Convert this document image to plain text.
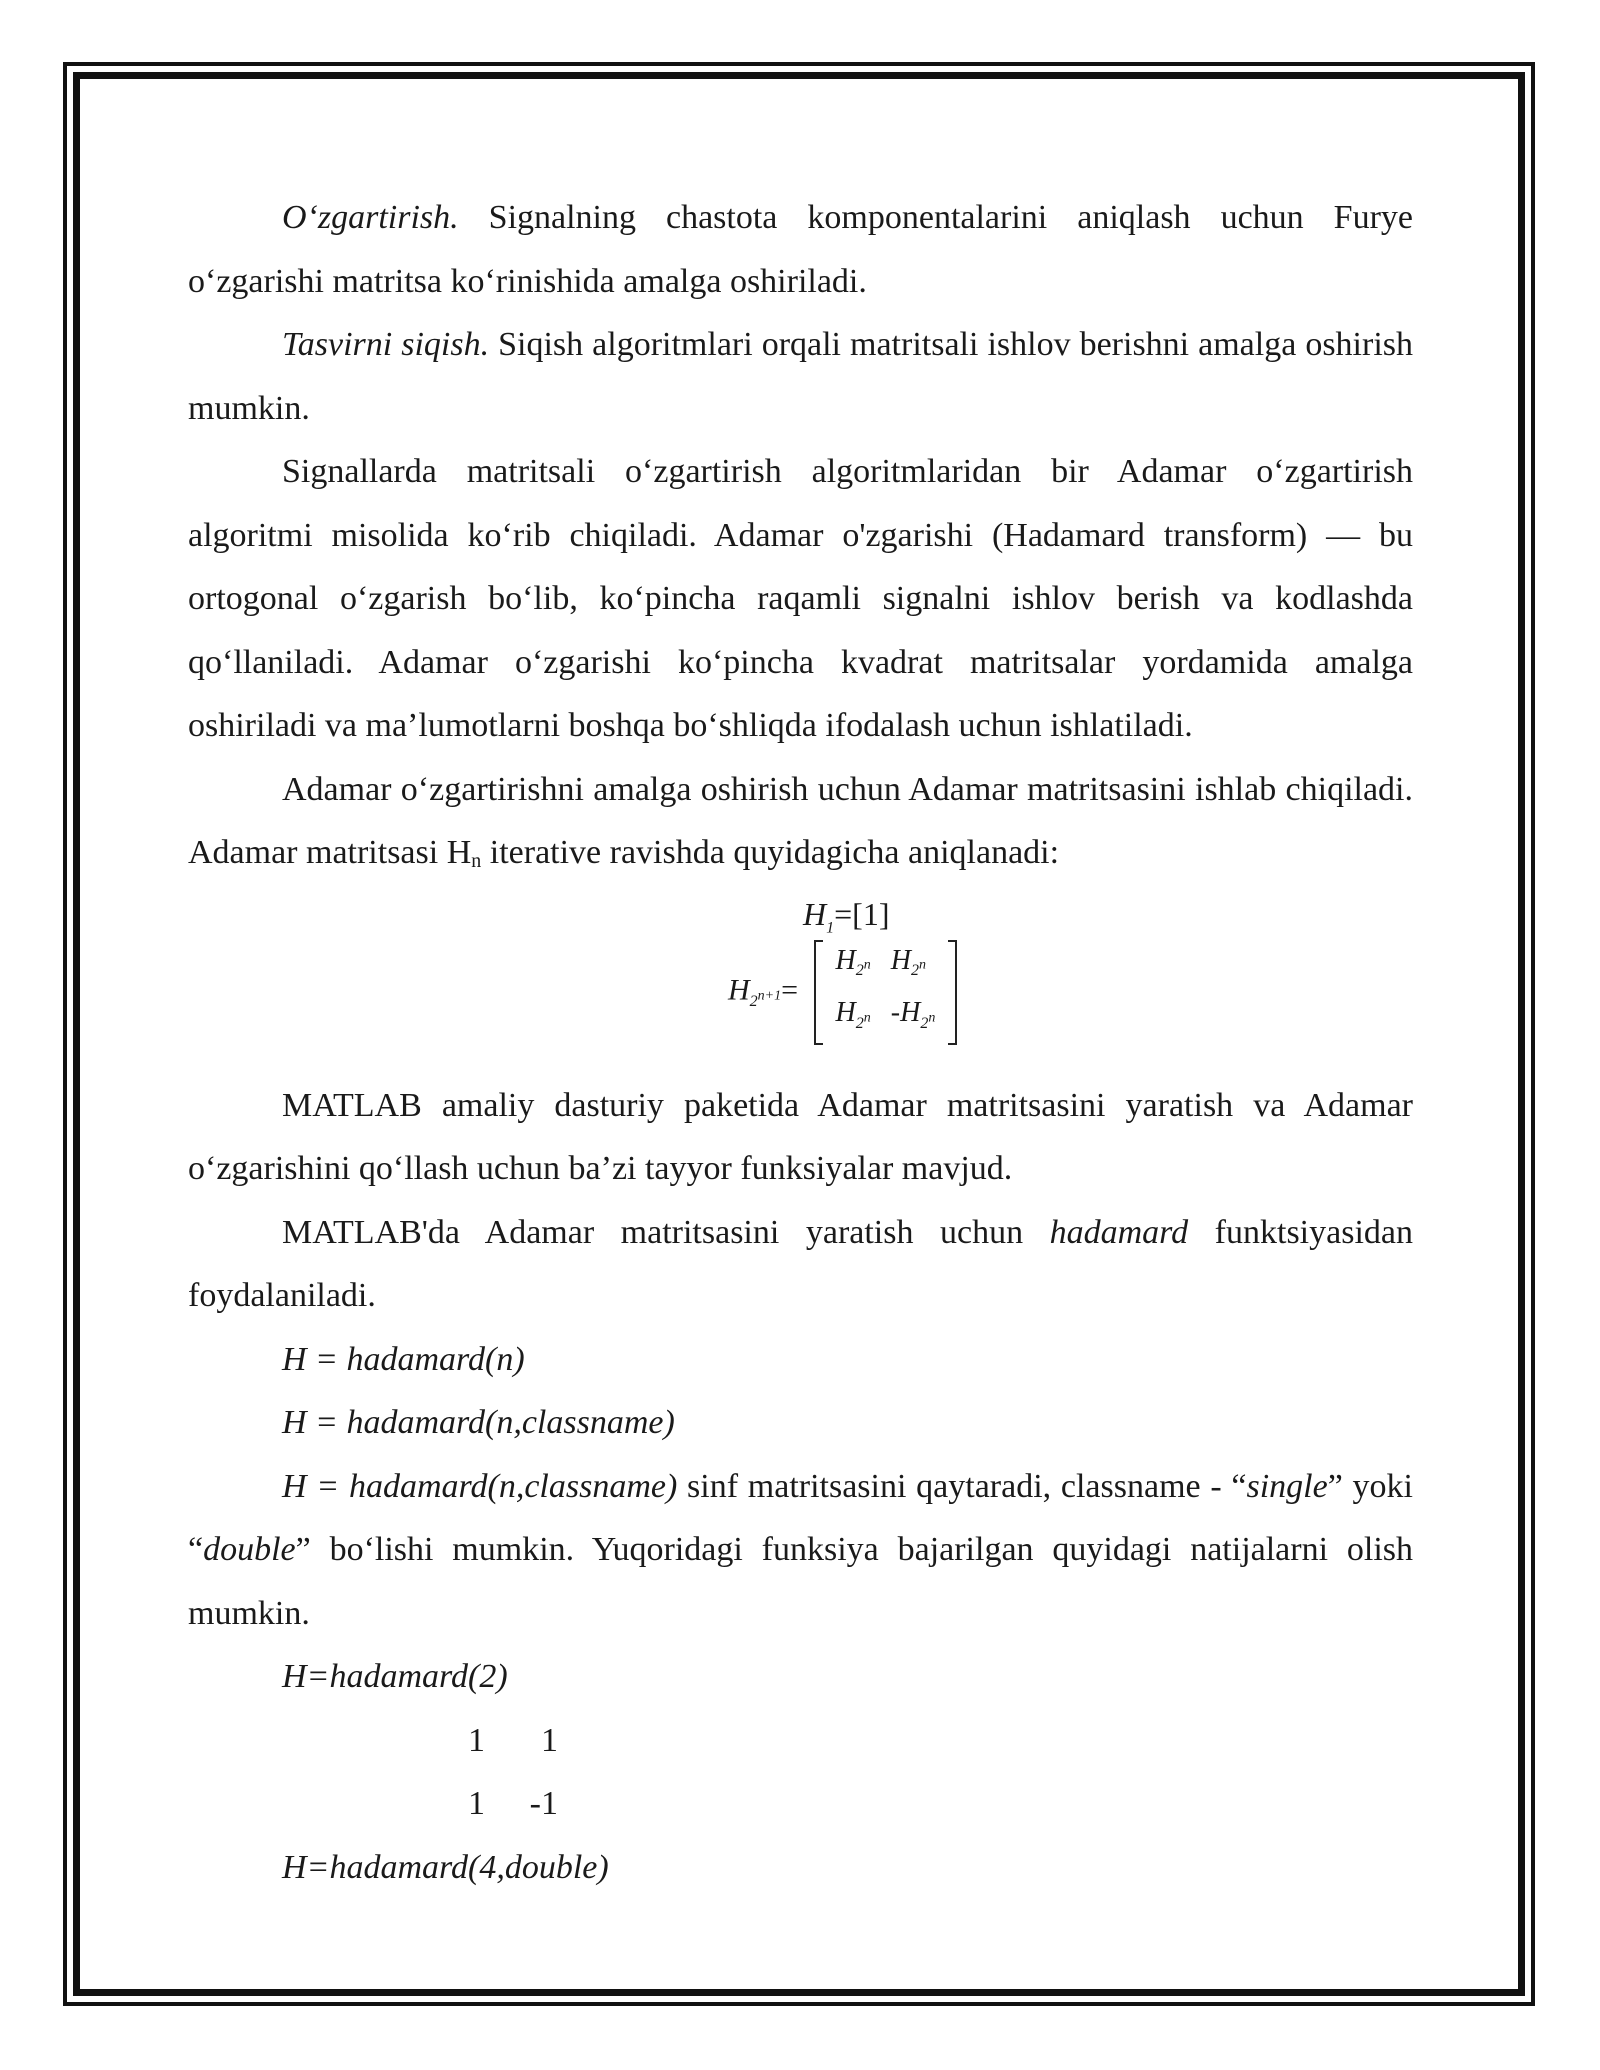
O‘zgartirish. Signalning chastota komponentalarini aniqlash uchun Furye o‘zgarishi matritsa ko‘rinishida amalga oshiriladi.

Tasvirni siqish. Siqish algoritmlari orqali matritsali ishlov berishni amalga oshirish mumkin.

Signallarda matritsali o‘zgartirish algoritmlaridan bir Adamar o‘zgartirish algoritmi misolida ko‘rib chiqiladi. Adamar o'zgarishi (Hadamard transform) — bu ortogonal o‘zgarish bo‘lib, ko‘pincha raqamli signalni ishlov berish va kodlashda qo‘llaniladi. Adamar o‘zgarishi ko‘pincha kvadrat matritsalar yordamida amalga oshiriladi va ma’lumotlarni boshqa bo‘shliqda ifodalash uchun ishlatiladi.

Adamar o‘zgartirishni amalga oshirish uchun Adamar matritsasini ishlab chiqiladi. Adamar matritsasi $H_n$ iterative ravishda quyidagicha aniqlanadi:

$H_1=[1]$
$H_{2^{n+1}}=$
$H_{2^n}$	$H_{2^n}$
$H_{2^n}$	$-H_{2^n}$

MATLAB amaliy dasturiy paketida Adamar matritsasini yaratish va Adamar o‘zgarishini qo‘llash uchun ba’zi tayyor funksiyalar mavjud.

MATLAB'da Adamar matritsasini yaratish uchun hadamard funktsiyasidan foydalaniladi.

H = hadamard(n)

H = hadamard(n,classname)

H = hadamard(n,classname) sinf matritsasini qaytaradi, classname - “single” yoki “double” bo‘lishi mumkin. Yuqoridagi funksiya bajarilgan quyidagi natijalarni olish mumkin.

H=hadamard(2)

1 1

1 -1

H=hadamard(4,double)
